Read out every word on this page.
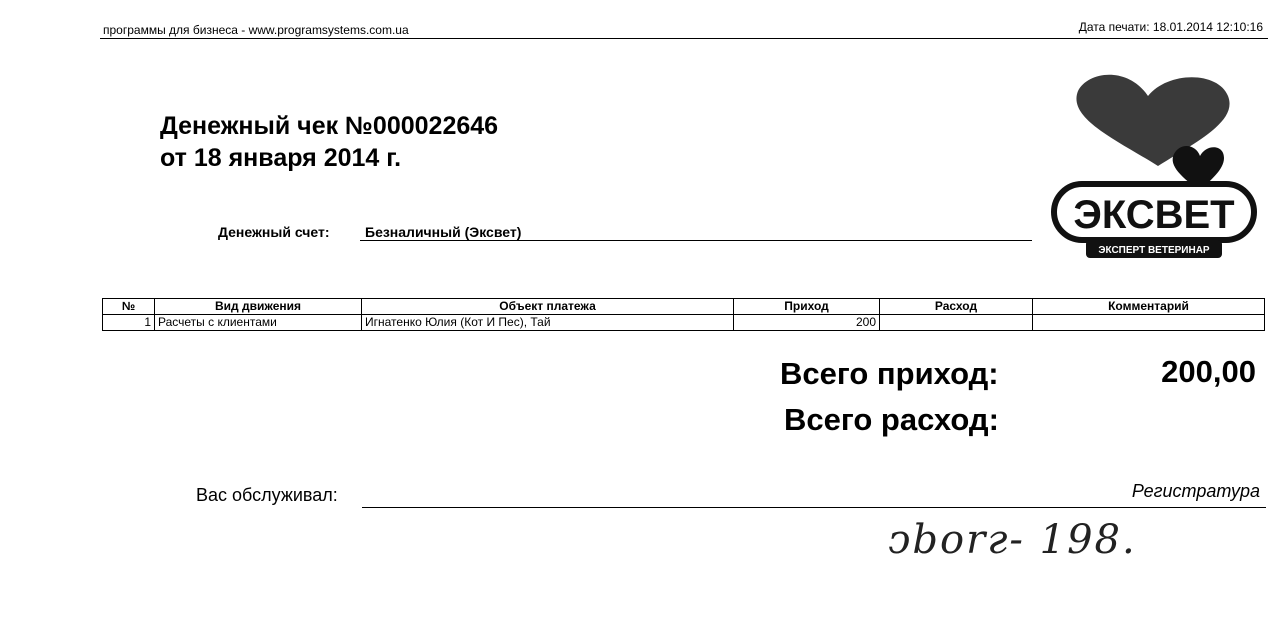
программы для бизнеса - www.programsystems.com.ua	Дата печати: 18.01.2014 12:10:16
Денежный чек №000022646
от 18 января 2014 г.
Денежный счет:	Безналичный (Эксвет)	ЭКСВЕТ
ЭКСПЕРТ ВЕТЕРИНАР
№	Вид движения	Объект платежа	Приход	Расход	Комментарий
1	Расчеты с клиентами	Игнатенко Юлия (Кот И Пес), Тай	200		
Всего приход:	200,00
Всего расход:
Вас обслуживал:	Регистратура
ↄborг- 198.
